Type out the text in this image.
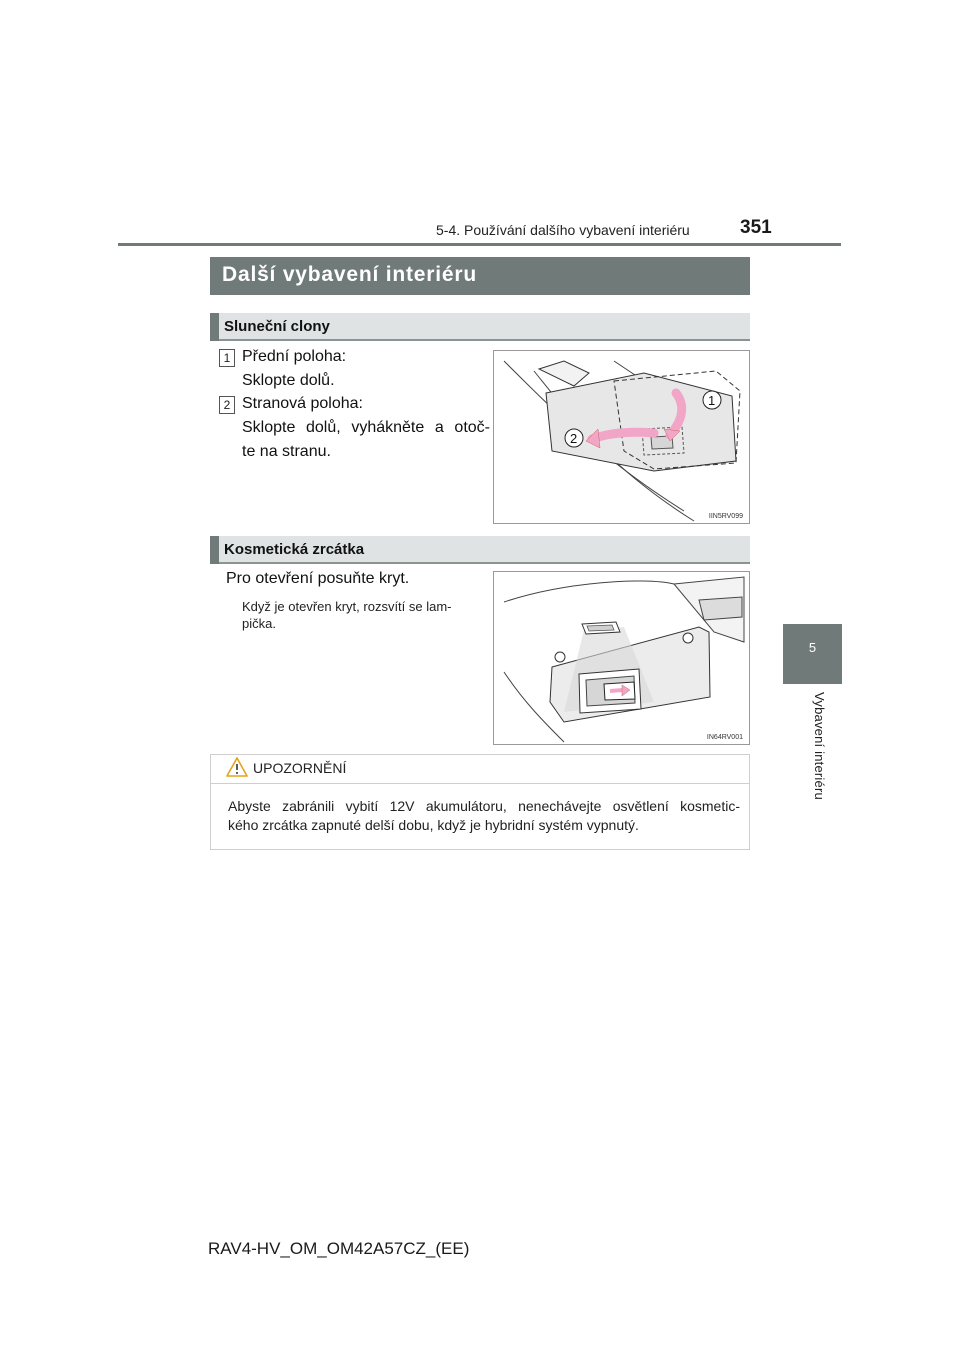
5-4. Používání dalšího vybavení interiéru	351
5
Vybavení interiéru
Další vybavení interiéru
Sluneční clony
1 Přední poloha:
Sklopte dolů.
2 Stranová poloha:
Sklopte dolů, vyhákněte a otoč-
te na stranu.
1
2
IIN5RV099
Kosmetická zrcátka
Pro otevření posuňte kryt.
Když je otevřen kryt, rozsvítí se lam-
pička.
IN64RV001
UPOZORNĚNÍ
Abyste zabránili vybití 12V akumulátoru, nenechávejte osvětlení kosmetic-
kého zrcátka zapnuté delší dobu, když je hybridní systém vypnutý.
RAV4-HV_OM_OM42A57CZ_(EE)
